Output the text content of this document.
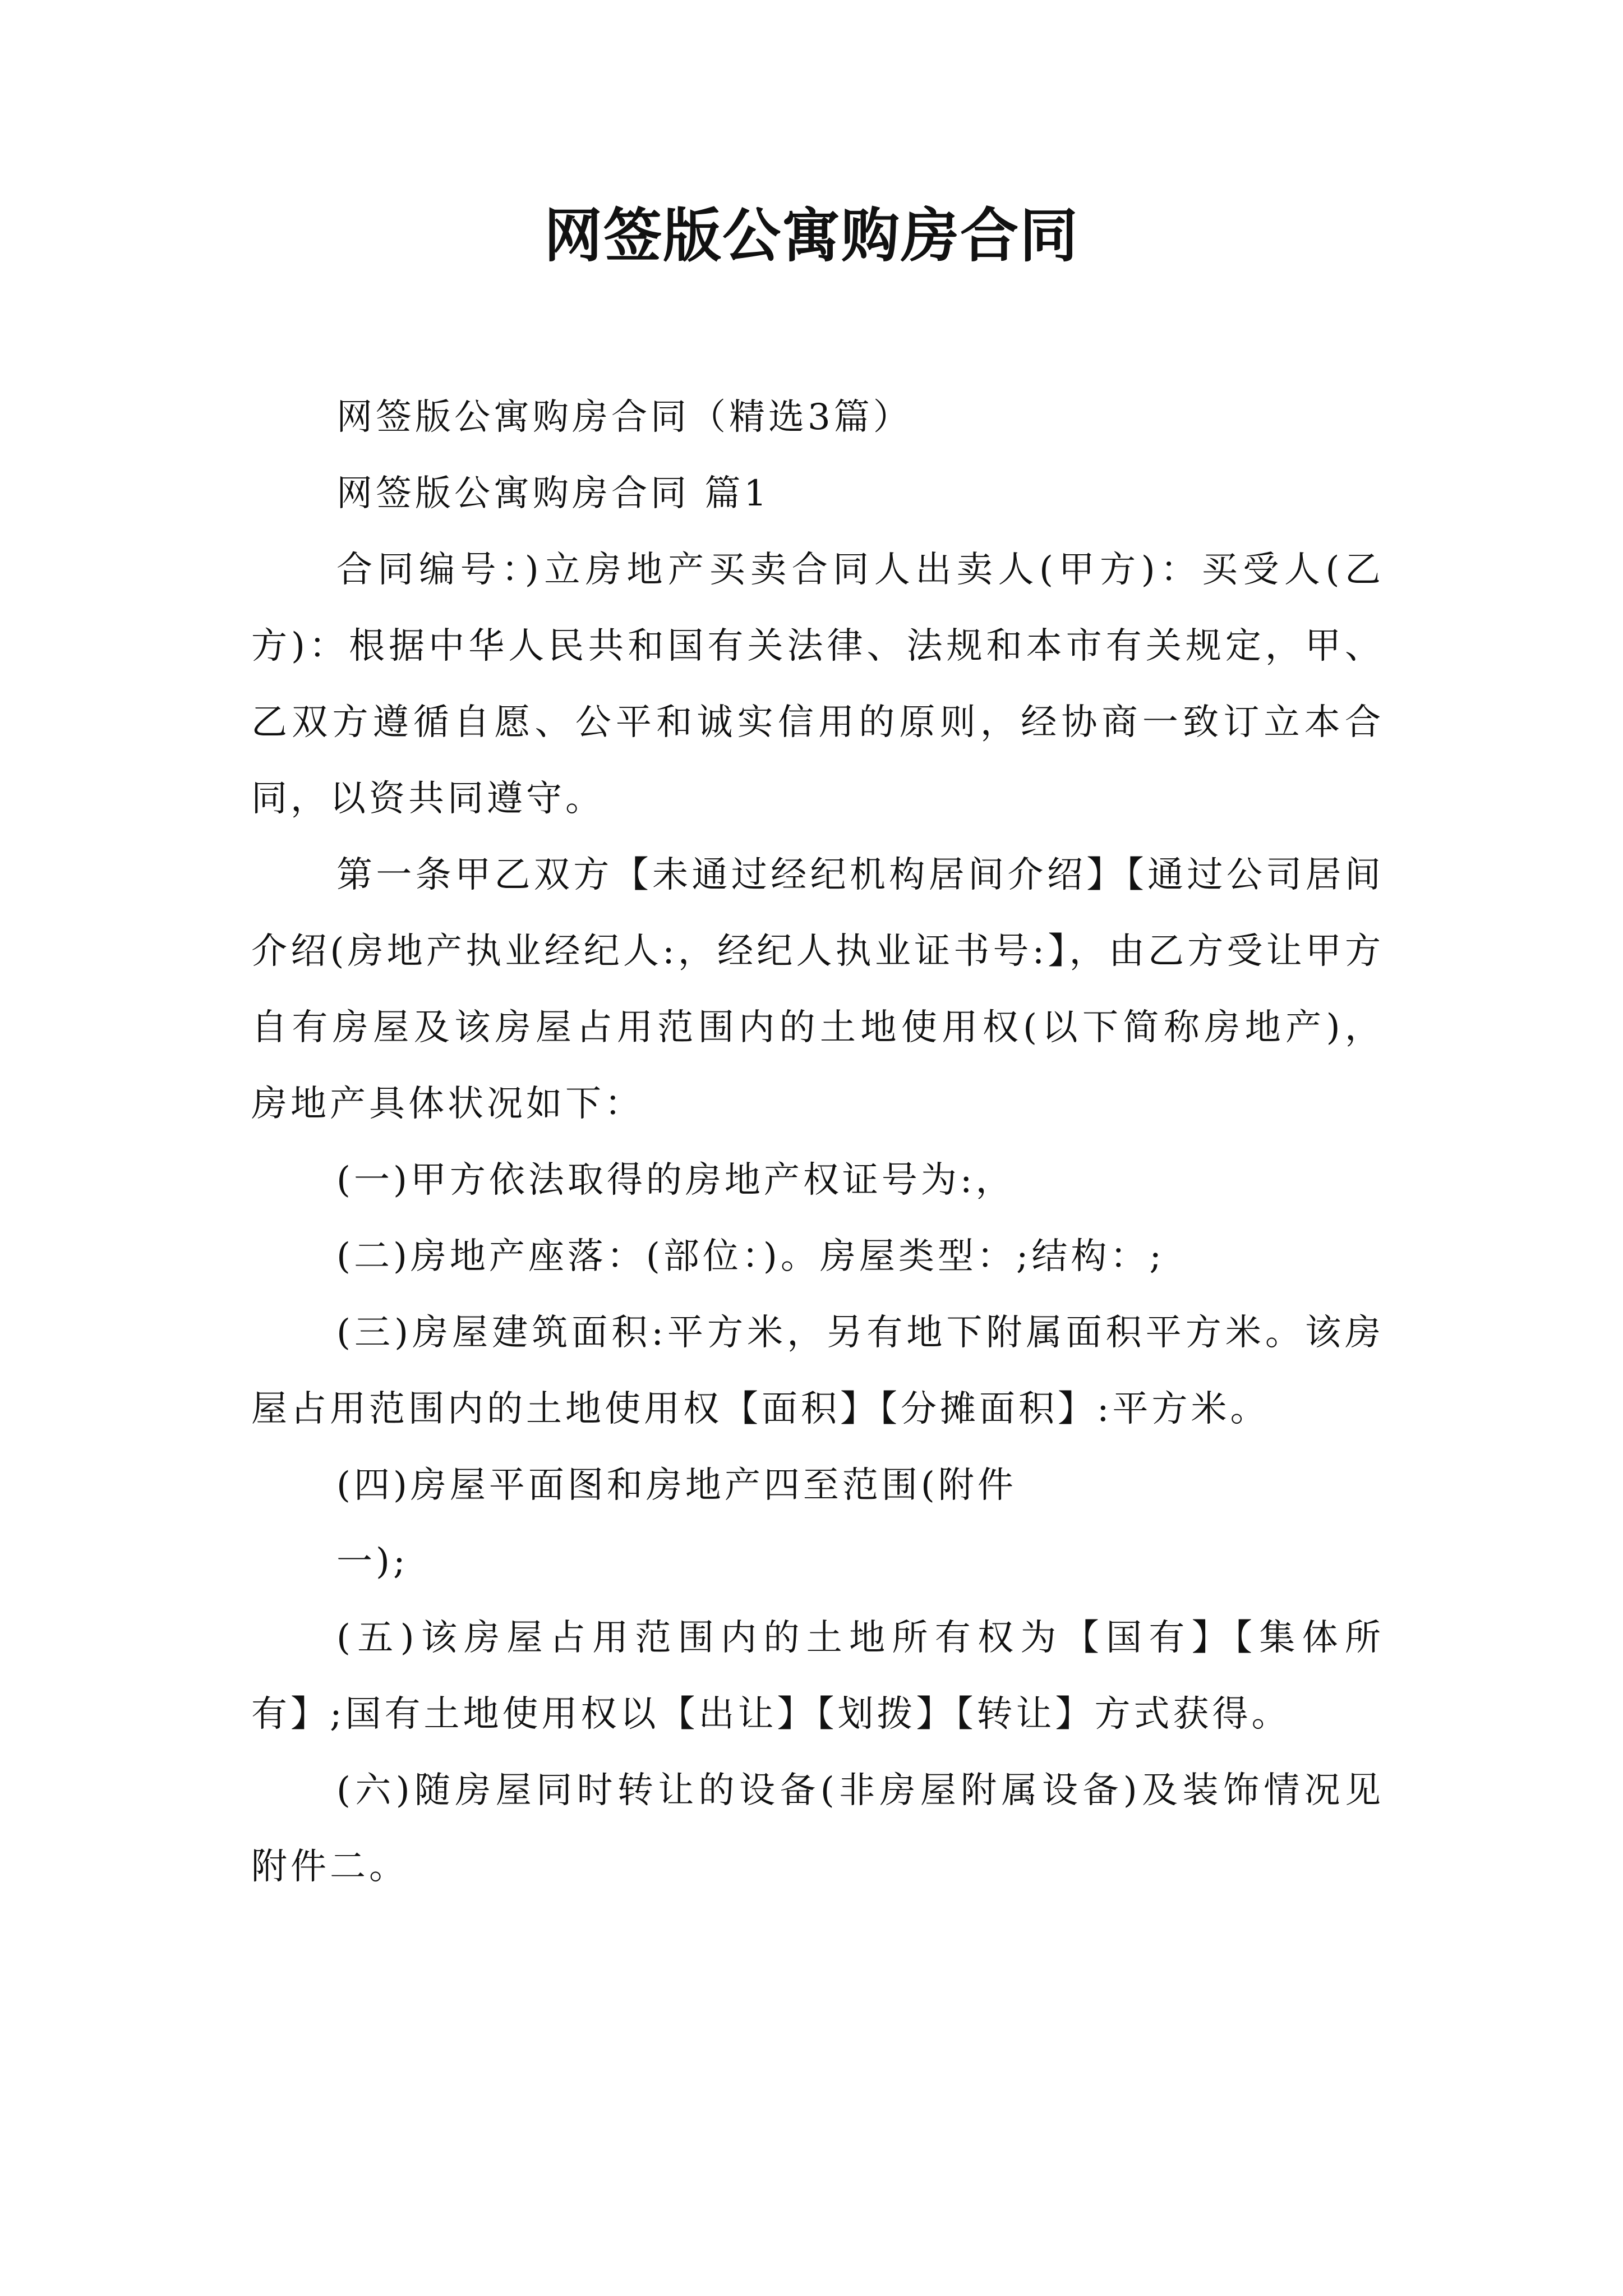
网签版公寓购房合同

网签版公寓购房合同（精选3篇）

网签版公寓购房合同 篇1

合同编号：)立房地产买卖合同人出卖人(甲方)：买受人(乙方)：根据中华人民共和国有关法律、法规和本市有关规定，甲、乙双方遵循自愿、公平和诚实信用的原则，经协商一致订立本合同，以资共同遵守。

第一条甲乙双方【未通过经纪机构居间介绍】【通过公司居间介绍(房地产执业经纪人:，经纪人执业证书号:】，由乙方受让甲方自有房屋及该房屋占用范围内的土地使用权(以下简称房地产)，房地产具体状况如下：

(一)甲方依法取得的房地产权证号为:，

(二)房地产座落：(部位：)。房屋类型：;结构：;

(三)房屋建筑面积:平方米，另有地下附属面积平方米。该房屋占用范围内的土地使用权【面积】【分摊面积】:平方米。

(四)房屋平面图和房地产四至范围(附件

一);

(五)该房屋占用范围内的土地所有权为【国有】【集体所有】;国有土地使用权以【出让】【划拨】【转让】方式获得。

(六)随房屋同时转让的设备(非房屋附属设备)及装饰情况见附件二。
